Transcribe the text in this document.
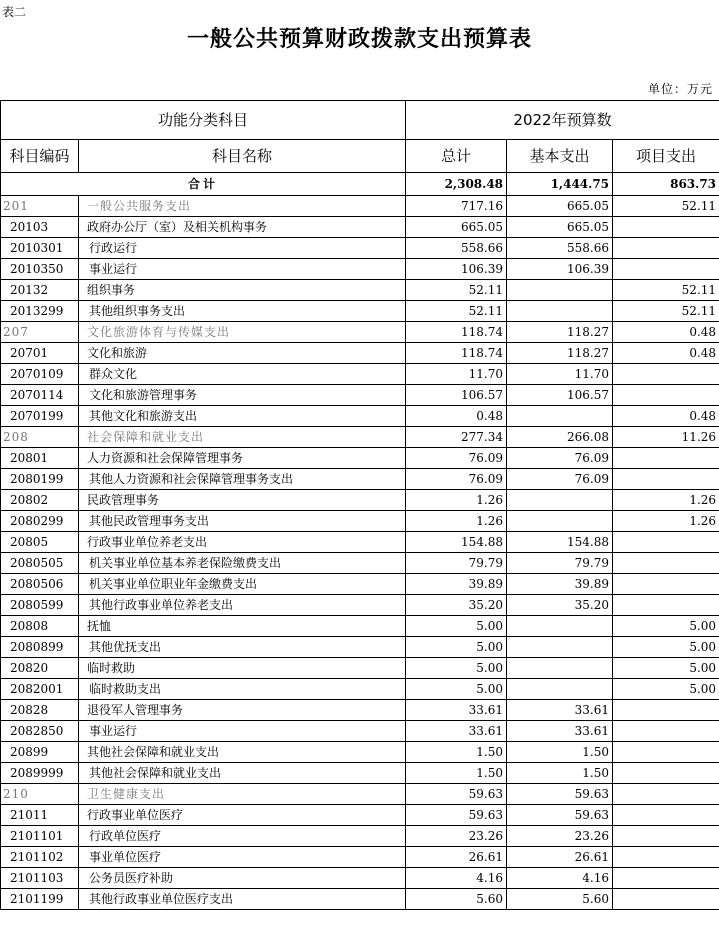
表二
一般公共预算财政拨款支出预算表
单位：万元
功能分类科目		2022年预算数		
科目编码	科目名称	总计	基本支出	项目支出
合计		2,308.48	1,444.75	863.73
201	一般公共服务支出	717.16	665.05	52.11
20103	政府办公厅（室）及相关机构事务	665.05	665.05	
2010301	行政运行	558.66	558.66	
2010350	事业运行	106.39	106.39	
20132	组织事务	52.11		52.11
2013299	其他组织事务支出	52.11		52.11
207	文化旅游体育与传媒支出	118.74	118.27	0.48
20701	文化和旅游	118.74	118.27	0.48
2070109	群众文化	11.70	11.70	
2070114	文化和旅游管理事务	106.57	106.57	
2070199	其他文化和旅游支出	0.48		0.48
208	社会保障和就业支出	277.34	266.08	11.26
20801	人力资源和社会保障管理事务	76.09	76.09	
2080199	其他人力资源和社会保障管理事务支出	76.09	76.09	
20802	民政管理事务	1.26		1.26
2080299	其他民政管理事务支出	1.26		1.26
20805	行政事业单位养老支出	154.88	154.88	
2080505	机关事业单位基本养老保险缴费支出	79.79	79.79	
2080506	机关事业单位职业年金缴费支出	39.89	39.89	
2080599	其他行政事业单位养老支出	35.20	35.20	
20808	抚恤	5.00		5.00
2080899	其他优抚支出	5.00		5.00
20820	临时救助	5.00		5.00
2082001	临时救助支出	5.00		5.00
20828	退役军人管理事务	33.61	33.61	
2082850	事业运行	33.61	33.61	
20899	其他社会保障和就业支出	1.50	1.50	
2089999	其他社会保障和就业支出	1.50	1.50	
210	卫生健康支出	59.63	59.63	
21011	行政事业单位医疗	59.63	59.63	
2101101	行政单位医疗	23.26	23.26	
2101102	事业单位医疗	26.61	26.61	
2101103	公务员医疗补助	4.16	4.16	
2101199	其他行政事业单位医疗支出	5.60	5.60	
